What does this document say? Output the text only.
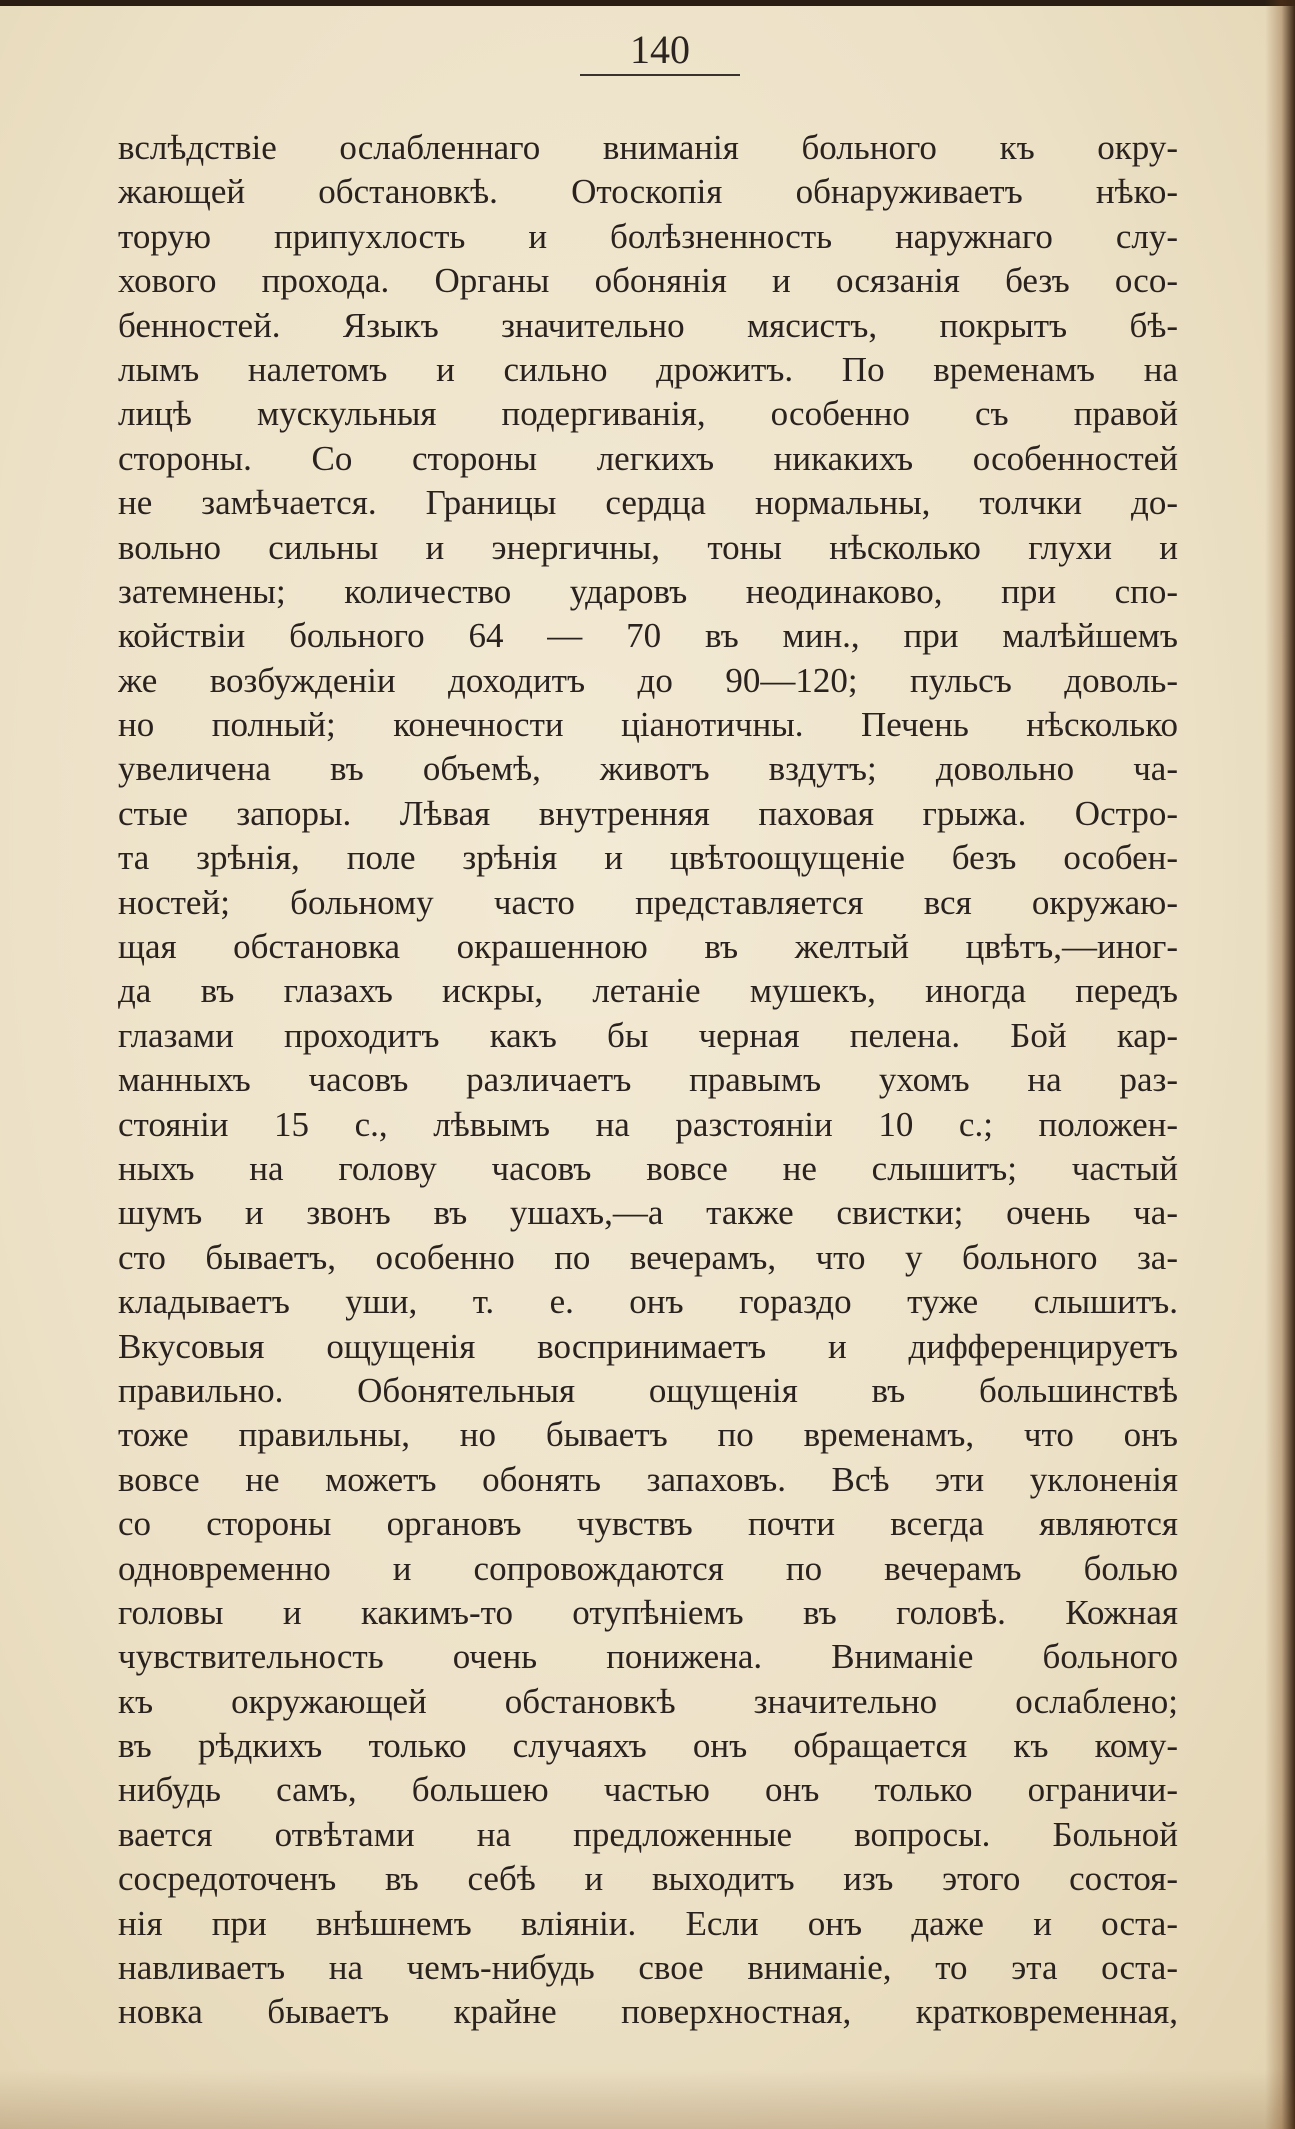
140
вслѣдствіе ослабленнаго вниманія больного къ окру-
жающей обстановкѣ. Отоскопія обнаруживаетъ нѣко-
торую припухлость и болѣзненность наружнаго слу-
хового прохода. Органы обонянія и осязанія безъ осо-
бенностей. Языкъ значительно мясистъ, покрытъ бѣ-
лымъ налетомъ и сильно дрожитъ. По временамъ на
лицѣ мускульныя подергиванія, особенно съ правой
стороны. Со стороны легкихъ никакихъ особенностей
не замѣчается. Границы сердца нормальны, толчки до-
вольно сильны и энергичны, тоны нѣсколько глухи и
затемнены; количество ударовъ неодинаково, при спо-
койствіи больного 64 — 70 въ мин., при малѣйшемъ
же возбужденіи доходитъ до 90—120; пульсъ доволь-
но полный; конечности ціанотичны. Печень нѣсколько
увеличена въ объемѣ, животъ вздутъ; довольно ча-
стые запоры. Лѣвая внутренняя паховая грыжа. Остро-
та зрѣнія, поле зрѣнія и цвѣтоощущеніе безъ особен-
ностей; больному часто представляется вся окружаю-
щая обстановка окрашенною въ желтый цвѣтъ,—иног-
да въ глазахъ искры, летаніе мушекъ, иногда передъ
глазами проходитъ какъ бы черная пелена. Бой кар-
манныхъ часовъ различаетъ правымъ ухомъ на раз-
стояніи 15 с., лѣвымъ на разстояніи 10 с.; положен-
ныхъ на голову часовъ вовсе не слышитъ; частый
шумъ и звонъ въ ушахъ,—а также свистки; очень ча-
сто бываетъ, особенно по вечерамъ, что у больного за-
кладываетъ уши, т. е. онъ гораздо туже слышитъ.
Вкусовыя ощущенія воспринимаетъ и дифференцируетъ
правильно. Обонятельныя ощущенія въ большинствѣ
тоже правильны, но бываетъ по временамъ, что онъ
вовсе не можетъ обонять запаховъ. Всѣ эти уклоненія
со стороны органовъ чувствъ почти всегда являются
одновременно и сопровождаются по вечерамъ болью
головы и какимъ-то отупѣніемъ въ головѣ. Кожная
чувствительность очень понижена. Вниманіе больного
къ окружающей обстановкѣ значительно ослаблено;
въ рѣдкихъ только случаяхъ онъ обращается къ кому-
нибудь самъ, большею частью онъ только ограничи-
вается отвѣтами на предложенные вопросы. Больной
сосредоточенъ въ себѣ и выходитъ изъ этого состоя-
нія при внѣшнемъ вліяніи. Если онъ даже и оста-
навливаетъ на чемъ-нибудь свое вниманіе, то эта оста-
новка бываетъ крайне поверхностная, кратковременная,
